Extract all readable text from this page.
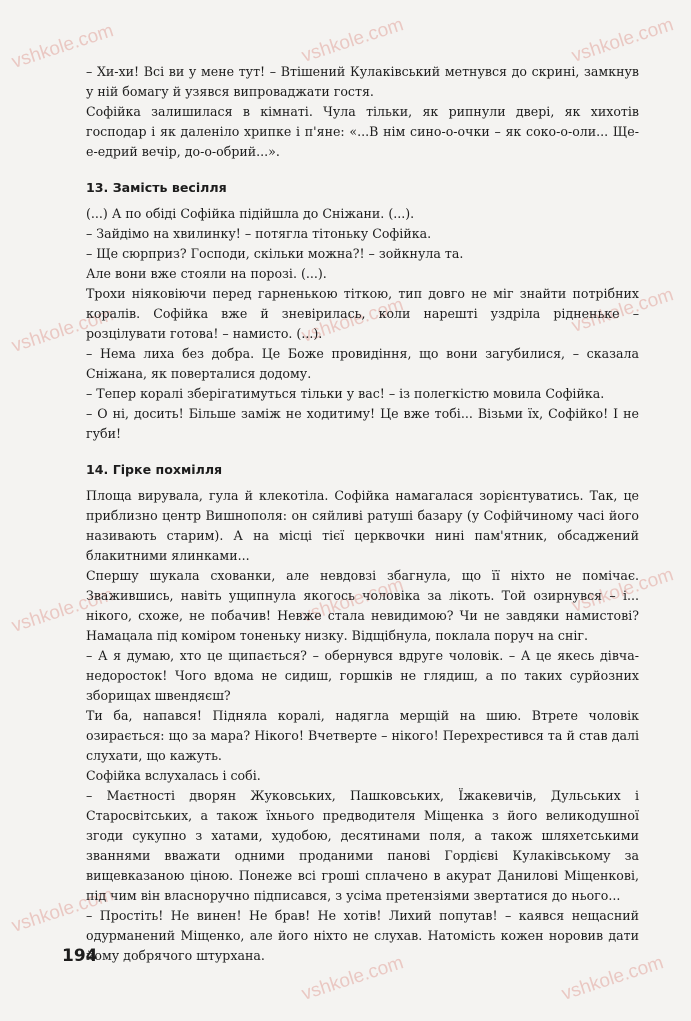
vshkole.com	vshkole.com	vshkole.com
vshkole.com	vshkole.com	vshkole.com
vshkole.com	vshkole.com	vshkole.com
vshkole.com
vshkole.com	vshkole.com

– Хи-хи! Всі ви у мене тут! – Втішений Кулаківський метнувся до скрині, замкнув у ній бомагу й узявся випроваджати гостя.

Софійка залишилася в кімнаті. Чула тільки, як рипнули двері, як хихотів господар і як даленіло хрипке і п'яне: «...В нім сино-о-очки – як соко-о-оли... Ще-е-едрий вечір, до-о-обрий...».

13. Замість весілля

(...) А по обіді Софійка підійшла до Сніжани. (...).

– Зайдімо на хвилинку! – потягла тітоньку Софійка.

– Ще сюрприз? Господи, скільки можна?! – зойкнула та.

Але вони вже стояли на порозі. (...).

Трохи ніяковіючи перед гарненькою тіткою, тип довго не міг знайти потрібних коралів. Софійка вже й зневірилась, коли нарешті уздріла рідненьке – розцілувати готова! – намисто. (...).

– Нема лиха без добра. Це Боже провидіння, що вони загубилися, – сказала Сніжана, як поверталися додому.

– Тепер коралі зберігатимуться тільки у вас! – із полегкістю мовила Софійка.

– О ні, досить! Більше заміж не ходитиму! Це вже тобі... Візьми їх, Софійко! І не губи!

14. Гірке похмілля

Площа вирувала, гула й клекотіла. Софійка намагалася зорієнтуватись. Так, це приблизно центр Вишнополя: он сяйливі ратуші базару (у Софійчиному часі його називають старим). А на місці тієї церквочки нині пам'ятник, обсаджений блакитними ялинками...

Спершу шукала схованки, але невдовзі збагнула, що її ніхто не помічає. Зважившись, навіть ущипнула якогось чоловіка за лікоть. Той озирнувся – і... нікого, схоже, не побачив! Невже стала невидимою? Чи не завдяки намистові? Намацала під коміром тоненьку низку. Відщібнула, поклала поруч на сніг.

– А я думаю, хто це щипається? – обернувся вдруге чоловік. – А це якесь дівча-недоросток! Чого вдома не сидиш, горшків не глядиш, а по таких сурйозних зборищах швендяєш?

Ти ба, напався! Підняла коралі, надягла мерщій на шию. Втрете чоловік озирається: що за мара? Нікого! Вчетверте – нікого! Перехрестився та й став далі слухати, що кажуть.

Софійка вслухалась і собі.

– Маєтності дворян Жуковських, Пашковських, Їжакевичів, Дульських і Старосвітських, а також їхнього предводителя Міщенка з його великодушної згоди сукупно з хатами, худобою, десятинами поля, а також шляхетськими званнями вважати одними проданими панові Гордієві Кулаківському за вищевказаною ціною. Понеже всі гроші сплачено в акурат Данилові Міщенкові, під чим він власноручно підписався, з усіма претензіями звертатися до нього...

– Простіть! Не винен! Не брав! Не хотів! Лихий попутав! – каявся нещасний одурманений Міщенко, але його ніхто не слухав. Натомість кожен норовив дати йому добрячого штурхана.

194
